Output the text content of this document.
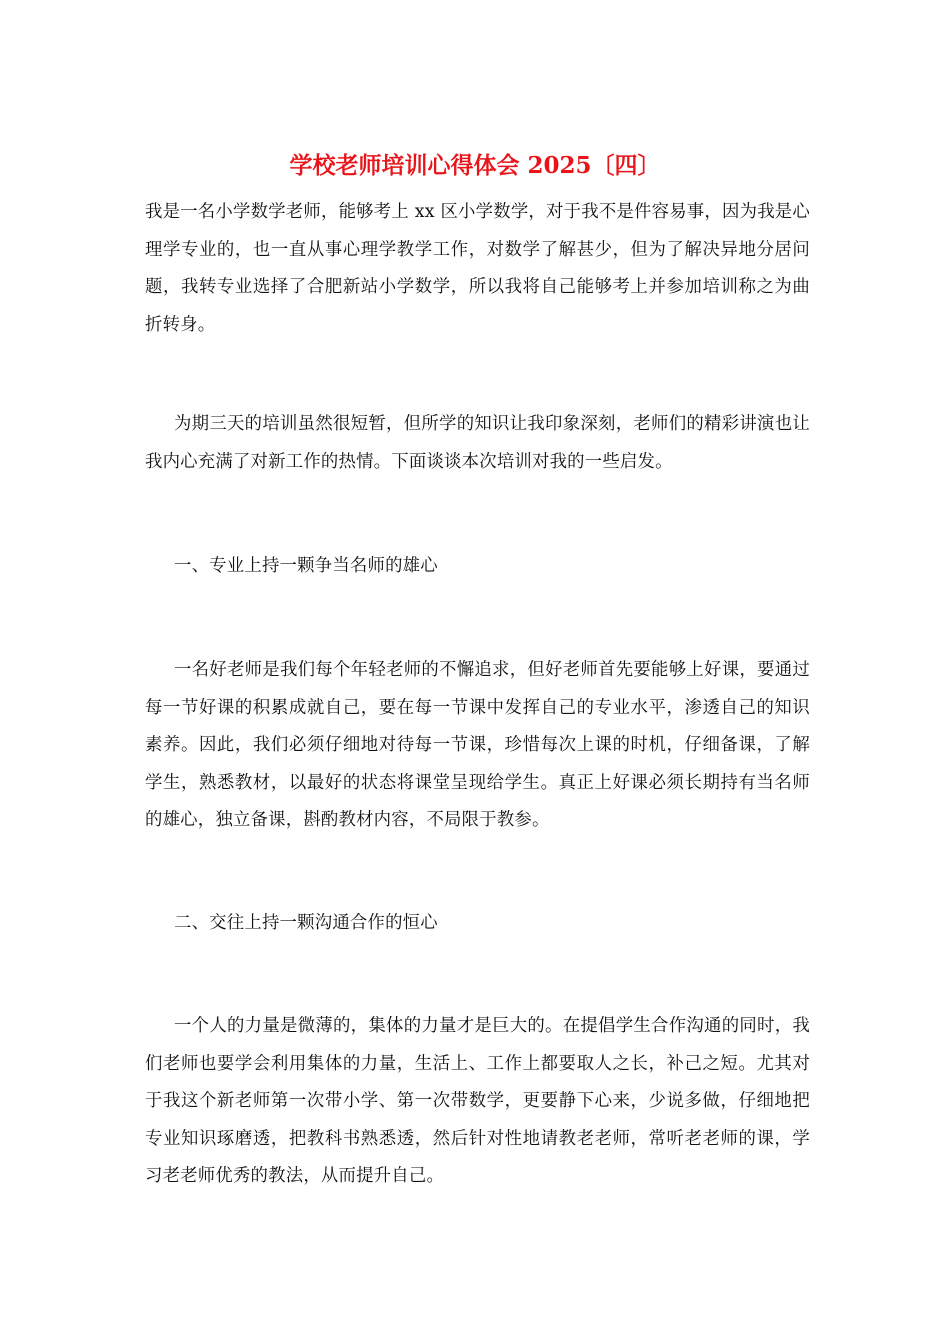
学校老师培训心得体会 2025〔四〕

我是一名小学数学老师，能够考上 xx 区小学数学，对于我不是件容易事，因为我是心理学专业的，也一直从事心理学教学工作，对数学了解甚少，但为了解决异地分居问题，我转专业选择了合肥新站小学数学，所以我将自己能够考上并参加培训称之为曲折转身。

为期三天的培训虽然很短暂，但所学的知识让我印象深刻，老师们的精彩讲演也让我内心充满了对新工作的热情。下面谈谈本次培训对我的一些启发。

一、专业上持一颗争当名师的雄心

一名好老师是我们每个年轻老师的不懈追求，但好老师首先要能够上好课，要通过每一节好课的积累成就自己，要在每一节课中发挥自己的专业水平，渗透自己的知识素养。因此，我们必须仔细地对待每一节课，珍惜每次上课的时机，仔细备课，了解学生，熟悉教材，以最好的状态将课堂呈现给学生。真正上好课必须长期持有当名师的雄心，独立备课，斟酌教材内容，不局限于教参。

二、交往上持一颗沟通合作的恒心

一个人的力量是微薄的，集体的力量才是巨大的。在提倡学生合作沟通的同时，我们老师也要学会利用集体的力量，生活上、工作上都要取人之长，补己之短。尤其对于我这个新老师第一次带小学、第一次带数学，更要静下心来，少说多做，仔细地把专业知识琢磨透，把教科书熟悉透，然后针对性地请教老老师，常听老老师的课，学习老老师优秀的教法，从而提升自己。
